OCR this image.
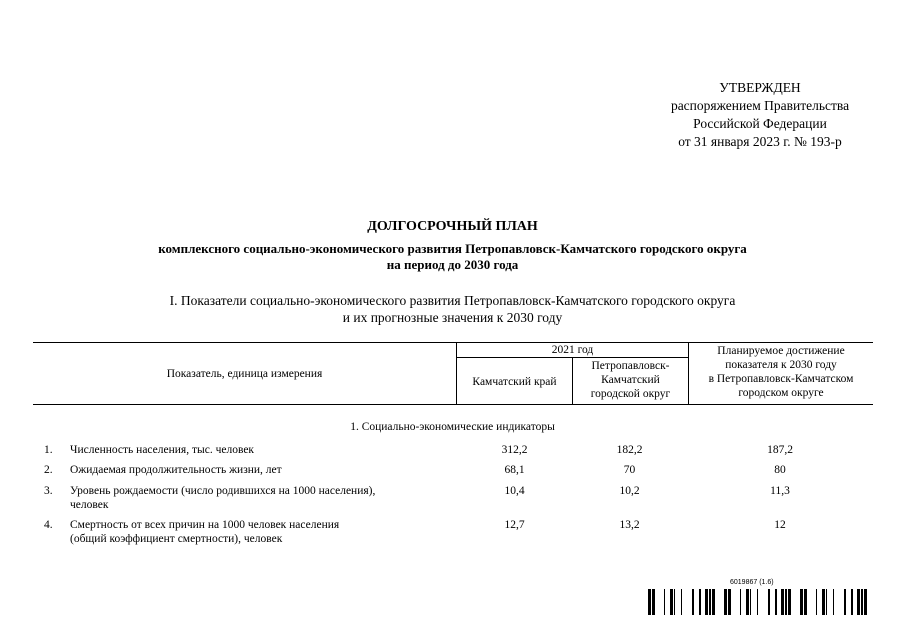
УТВЕРЖДЕН
распоряжением Правительства
Российской Федерации
от 31 января 2023 г. № 193-р
ДОЛГОСРОЧНЫЙ ПЛАН
комплексного социально-экономического развития Петропавловск-Камчатского городского округа
на период до 2030 года
I. Показатели социально-экономического развития Петропавловск-Камчатского городского округа
и их прогнозные значения к 2030 году
Показатель, единица измерения
2021 год
Камчатский край
Петропавловск-
Камчатский
городской округ
Планируемое достижение
показателя к 2030 году
в Петропавловск-Камчатском
городском округе
1. Социально-экономические индикаторы
1. Численность населения, тыс. человек	312,2	182,2	187,2
2. Ожидаемая продолжительность жизни, лет	68,1	70	80
3. Уровень рождаемости (число родившихся на 1000 населения),
человек
10,4	10,2	11,3
4. Смертность от всех причин на 1000 человек населения
(общий коэффициент смертности), человек
12,7	13,2	12
6019867 (1.6)
